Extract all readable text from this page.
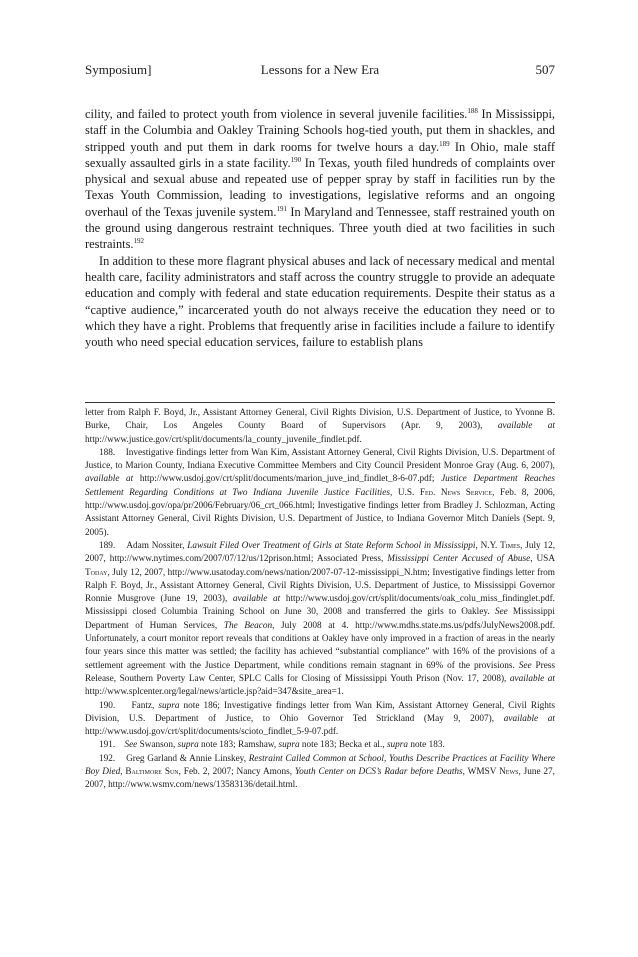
Symposium]	Lessons for a New Era	507

cility, and failed to protect youth from violence in several juvenile facilities.$^{188}$ In Mississippi, staff in the Columbia and Oakley Training Schools hog-tied youth, put them in shackles, and stripped youth and put them in dark rooms for twelve hours a day.$^{189}$ In Ohio, male staff sexually assaulted girls in a state facility.$^{190}$ In Texas, youth filed hundreds of complaints over physical and sexual abuse and repeated use of pepper spray by staff in facilities run by the Texas Youth Commission, leading to investigations, legislative reforms and an ongoing overhaul of the Texas juvenile system.$^{191}$ In Maryland and Tennessee, staff restrained youth on the ground using dangerous restraint techniques. Three youth died at two facilities in such restraints.$^{192}$

In addition to these more flagrant physical abuses and lack of necessary medical and mental health care, facility administrators and staff across the country struggle to provide an adequate education and comply with federal and state education requirements. Despite their status as a “captive audience,” incarcerated youth do not always receive the education they need or to which they have a right. Problems that frequently arise in facilities include a failure to identify youth who need special education services, failure to establish plans

letter from Ralph F. Boyd, Jr., Assistant Attorney General, Civil Rights Division, U.S. Department of Justice, to Yvonne B. Burke, Chair, Los Angeles County Board of Supervisors (Apr. 9, 2003), available at http://www.justice.gov/crt/split/documents/la_county_juvenile_findlet.pdf.

188. Investigative findings letter from Wan Kim, Assistant Attorney General, Civil Rights Division, U.S. Department of Justice, to Marion County, Indiana Executive Committee Members and City Council President Monroe Gray (Aug. 6, 2007), available at http://www.usdoj.gov/crt/split/documents/marion_juve_ind_findlet_8-6-07.pdf; Justice Department Reaches Settlement Regarding Conditions at Two Indiana Juvenile Justice Facilities, U.S. Fed. News Service, Feb. 8, 2006, http://www.usdoj.gov/opa/pr/2006/February/06_crt_066.html; Investigative findings letter from Bradley J. Schlozman, Acting Assistant Attorney General, Civil Rights Division, U.S. Department of Justice, to Indiana Governor Mitch Daniels (Sept. 9, 2005).

189. Adam Nossiter, Lawsuit Filed Over Treatment of Girls at State Reform School in Mississippi, N.Y. Times, July 12, 2007, http://www.nytimes.com/2007/07/12/us/12prison.html; Associated Press, Mississippi Center Accused of Abuse, USA Today, July 12, 2007, http://www.usatoday.com/news/nation/2007-07-12-mississippi_N.htm; Investigative findings letter from Ralph F. Boyd, Jr., Assistant Attorney General, Civil Rights Division, U.S. Department of Justice, to Mississippi Governor Ronnie Musgrove (June 19, 2003), available at http://www.usdoj.gov/crt/split/documents/oak_colu_miss_findinglet.pdf. Mississippi closed Columbia Training School on June 30, 2008 and transferred the girls to Oakley. See Mississippi Department of Human Services, The Beacon, July 2008 at 4. http://www.mdhs.state.ms.us/pdfs/JulyNews2008.pdf. Unfortunately, a court monitor report reveals that conditions at Oakley have only improved in a fraction of areas in the nearly four years since this matter was settled; the facility has achieved “substantial compliance” with 16% of the provisions of a settlement agreement with the Justice Department, while conditions remain stagnant in 69% of the provisions. See Press Release, Southern Poverty Law Center, SPLC Calls for Closing of Mississippi Youth Prison (Nov. 17, 2008), available at http://www.splcenter.org/legal/news/article.jsp?aid=347&site_area=1.

190. Fantz, supra note 186; Investigative findings letter from Wan Kim, Assistant Attorney General, Civil Rights Division, U.S. Department of Justice, to Ohio Governor Ted Strickland (May 9, 2007), available at http://www.usdoj.gov/crt/split/documents/scioto_findlet_5-9-07.pdf.

191. See Swanson, supra note 183; Ramshaw, supra note 183; Becka et al., supra note 183.

192. Greg Garland & Annie Linskey, Restraint Called Common at School, Youths Describe Practices at Facility Where Boy Died, Baltimore Sun, Feb. 2, 2007; Nancy Amons, Youth Center on DCS’s Radar before Deaths, WMSV News, June 27, 2007, http://www.wsmv.com/news/13583136/detail.html.
